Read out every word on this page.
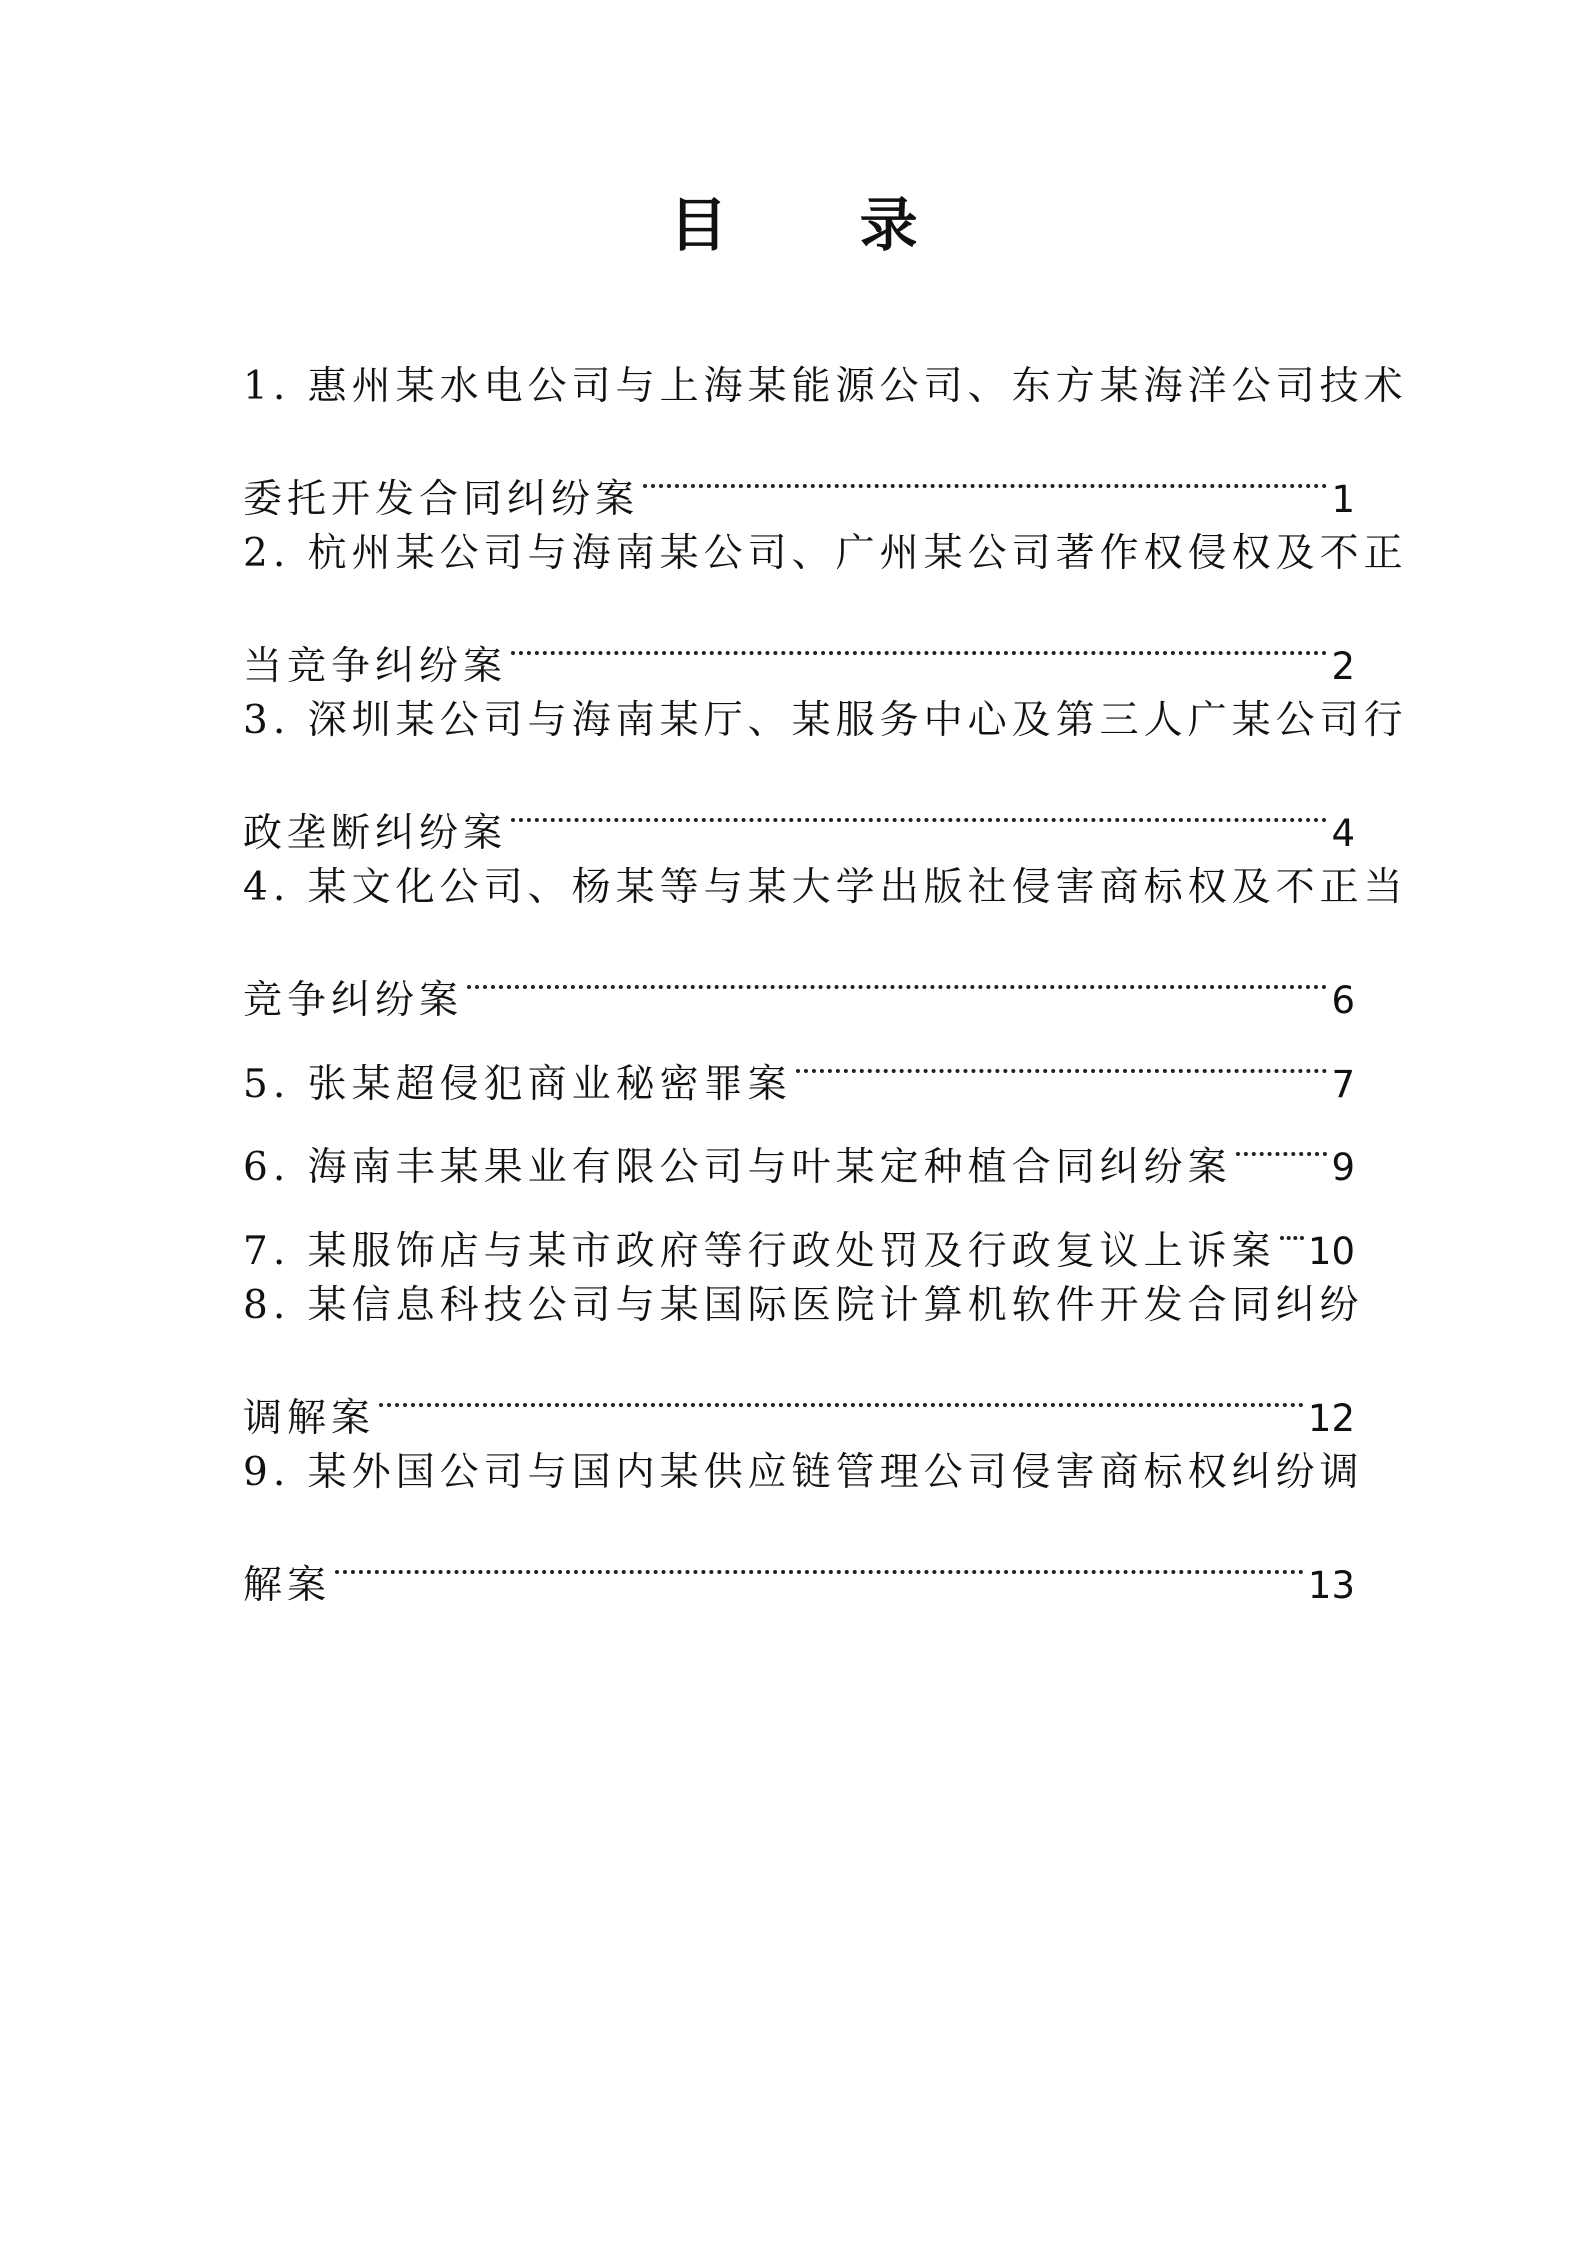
目 录
1. 惠州某水电公司与上海某能源公司、东方某海洋公司技术
委托开发合同纠纷案	1
2. 杭州某公司与海南某公司、广州某公司著作权侵权及不正
当竞争纠纷案	2
3. 深圳某公司与海南某厅、某服务中心及第三人广某公司行
政垄断纠纷案	4
4. 某文化公司、杨某等与某大学出版社侵害商标权及不正当
竞争纠纷案	6
5. 张某超侵犯商业秘密罪案	7
6. 海南丰某果业有限公司与叶某定种植合同纠纷案	9
7. 某服饰店与某市政府等行政处罚及行政复议上诉案 10
8. 某信息科技公司与某国际医院计算机软件开发合同纠纷
调解案	12
9. 某外国公司与国内某供应链管理公司侵害商标权纠纷调
解案	13
